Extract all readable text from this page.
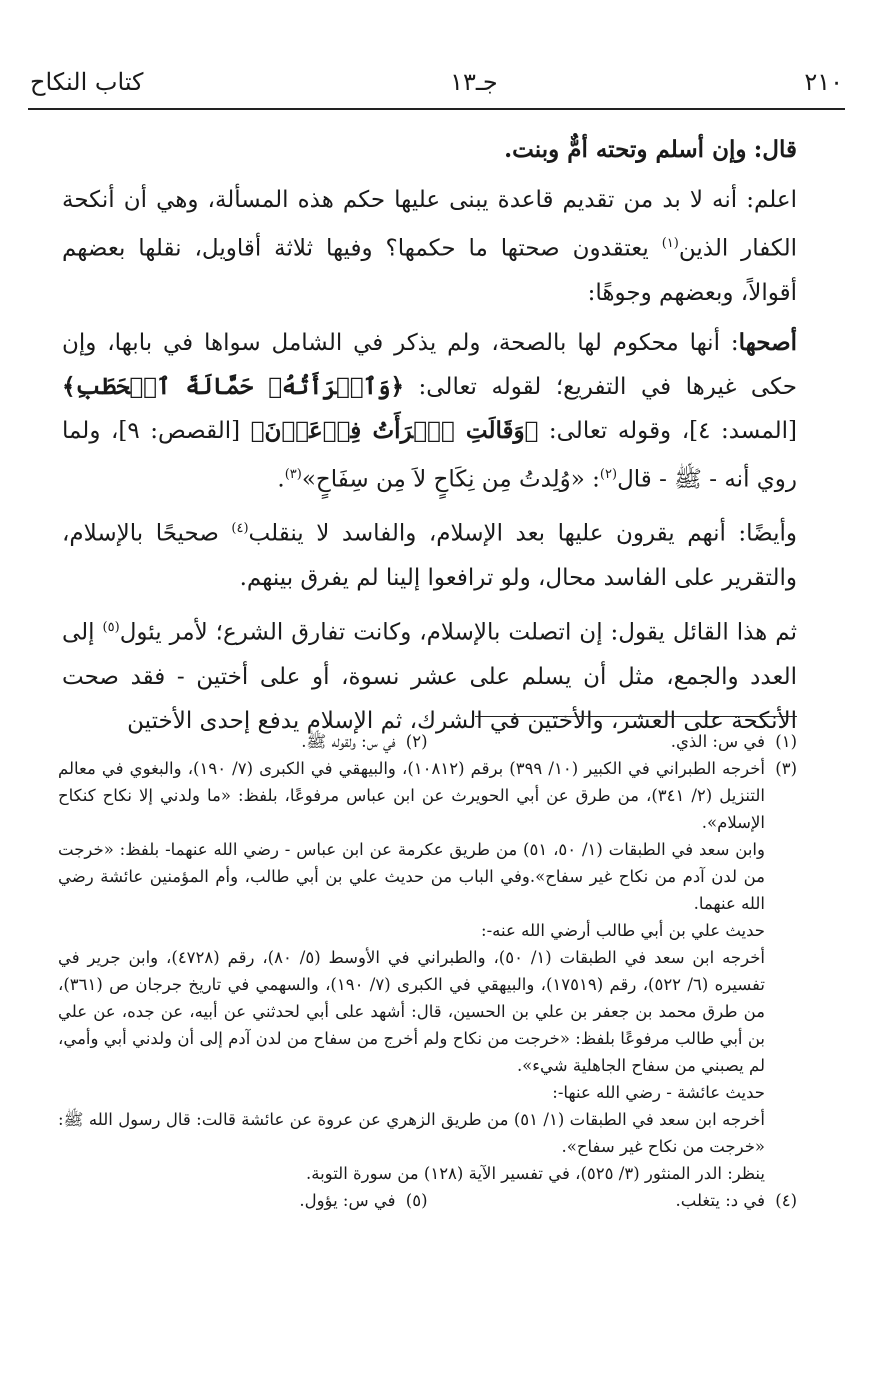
٢١٠
جـ١٣
كتاب النكاح

قال: وإن أسلم وتحته أمٌّ وبنت.

اعلم: أنه لا بد من تقديم قاعدة يبنى عليها حكم هذه المسألة، وهي أن أنكحة الكفار الذين$^{(١)}$ يعتقدون صحتها ما حكمها؟ وفيها ثلاثة أقاويل، نقلها بعضهم أقوالاً، وبعضهم وجوهًا:

أصحها: أنها محكوم لها بالصحة، ولم يذكر في الشامل سواها في بابها، وإن حكى غيرها في التفريع؛ لقوله تعالى: ﴿وَٱمۡرَأَتُهُۥ حَمَّالَةَ ٱلۡحَطَبِ﴾ [المسد: ٤]، وقوله تعالى: ﴿وَقَالَتِ ٱمۡرَأَتُ فِرۡعَوۡنَ﴾ [القصص: ٩]، ولما روي أنه - ﷺ - قال$^{(٢)}$: «وُلِدتُ مِن نِكَاحٍ لاَ مِن سِفَاحٍ»$^{(٣)}$.

وأيضًا: أنهم يقرون عليها بعد الإسلام، والفاسد لا ينقلب$^{(٤)}$ صحيحًا بالإسلام، والتقرير على الفاسد محال، ولو ترافعوا إلينا لم يفرق بينهم.

ثم هذا القائل يقول: إن اتصلت بالإسلام، وكانت تفارق الشرع؛ لأمر يئول$^{(٥)}$ إلى العدد والجمع، مثل أن يسلم على عشر نسوة، أو على أختين - فقد صحت الأنكحة على العشر، والأختين في الشرك، ثم الإسلام يدفع إحدى الأختين

(١)
في س: الذي.
(٢)
في س: ولقوله ﷺ.
(٣)
أخرجه الطبراني في الكبير (١٠/ ٣٩٩) برقم (١٠٨١٢)، والبيهقي في الكبرى (٧/ ١٩٠)، والبغوي في معالم التنزيل (٢/ ٣٤١)، من طرق عن أبي الحويرث عن ابن عباس مرفوعًا، بلفظ: «ما ولدني إلا نكاح كنكاح الإسلام».
وابن سعد في الطبقات (١/ ٥٠، ٥١) من طريق عكرمة عن ابن عباس - رضي الله عنهما- بلفظ: «خرجت من لدن آدم من نكاح غير سفاح».وفي الباب من حديث علي بن أبي طالب، وأم المؤمنين عائشة رضي الله عنهما.
حديث علي بن أبي طالب أرضي الله عنه-:
أخرجه ابن سعد في الطبقات (١/ ٥٠)، والطبراني في الأوسط (٥/ ٨٠)، رقم (٤٧٢٨)، وابن جرير في تفسيره (٦/ ٥٢٢)، رقم (١٧٥١٩)، والبيهقي في الكبرى (٧/ ١٩٠)، والسهمي في تاريخ جرجان ص (٣٦١)، من طرق محمد بن جعفر بن علي بن الحسين، قال: أشهد على أبي لحدثني عن أبيه، عن جده، عن علي بن أبي طالب مرفوعًا بلفظ: «خرجت من نكاح ولم أخرج من سفاح من لدن آدم إلى أن ولدني أبي وأمي، لم يصبني من سفاح الجاهلية شيء».
حديث عائشة - رضي الله عنها-:
أخرجه ابن سعد في الطبقات (١/ ٥١) من طريق الزهري عن عروة عن عائشة قالت: قال رسول الله ﷺ: «خرجت من نكاح غير سفاح».
ينظر: الدر المنثور (٣/ ٥٢٥)، في تفسير الآية (١٢٨) من سورة التوبة.
(٤)
في د: يتغلب.
(٥)
في س: يؤول.
